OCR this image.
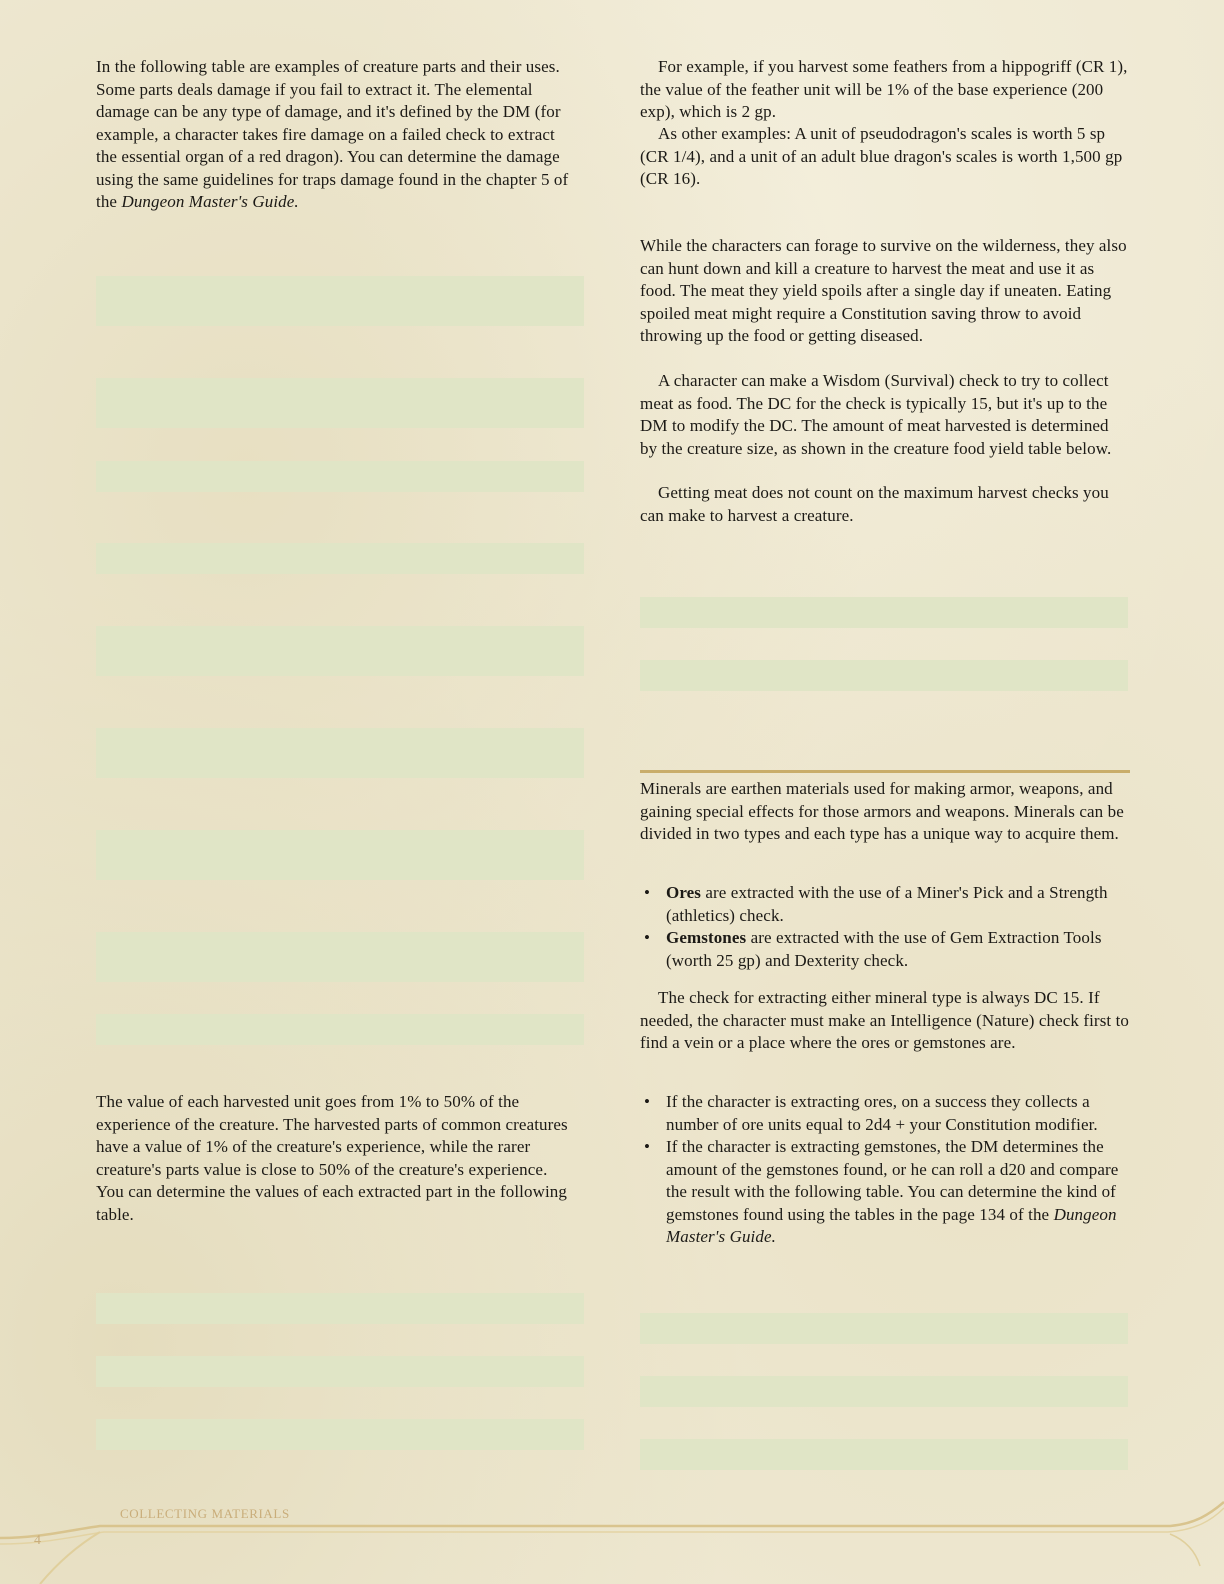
In the following table are examples of creature parts and their uses. Some parts deals damage if you fail to extract it. The elemental damage can be any type of damage, and it's defined by the DM (for example, a character takes fire damage on a failed check to extract the essential organ of a red dragon). You can determine the damage using the same guidelines for traps damage found in the chapter 5 of the Dungeon Master's Guide.

The value of each harvested unit goes from 1% to 50% of the experience of the creature. The harvested parts of common creatures have a value of 1% of the creature's experience, while the rarer creature's parts value is close to 50% of the creature's experience. You can determine the values of each extracted part in the following table.

For example, if you harvest some feathers from a hippogriff (CR 1), the value of the feather unit will be 1% of the base experience (200 exp), which is 2 gp.

As other examples: A unit of pseudodragon's scales is worth 5 sp (CR 1/4), and a unit of an adult blue dragon's scales is worth 1,500 gp (CR 16).

While the characters can forage to survive on the wilderness, they also can hunt down and kill a creature to harvest the meat and use it as food. The meat they yield spoils after a single day if uneaten. Eating spoiled meat might require a Constitution saving throw to avoid throwing up the food or getting diseased.

A character can make a Wisdom (Survival) check to try to collect meat as food. The DC for the check is typically 15, but it's up to the DM to modify the DC. The amount of meat harvested is determined by the creature size, as shown in the creature food yield table below.

Getting meat does not count on the maximum harvest checks you can make to harvest a creature.

Minerals are earthen materials used for making armor, weapons, and gaining special effects for those armors and weapons. Minerals can be divided in two types and each type has a unique way to acquire them.

• Ores are extracted with the use of a Miner's Pick and a Strength (athletics) check.
• Gemstones are extracted with the use of Gem Extraction Tools (worth 25 gp) and Dexterity check.

The check for extracting either mineral type is always DC 15. If needed, the character must make an Intelligence (Nature) check first to find a vein or a place where the ores or gemstones are.

• If the character is extracting ores, on a success they collects a number of ore units equal to 2d4 + your Constitution modifier.
• If the character is extracting gemstones, the DM determines the amount of the gemstones found, or he can roll a d20 and compare the result with the following table. You can determine the kind of gemstones found using the tables in the page 134 of the Dungeon Master's Guide.
COLLECTING MATERIALS
4
